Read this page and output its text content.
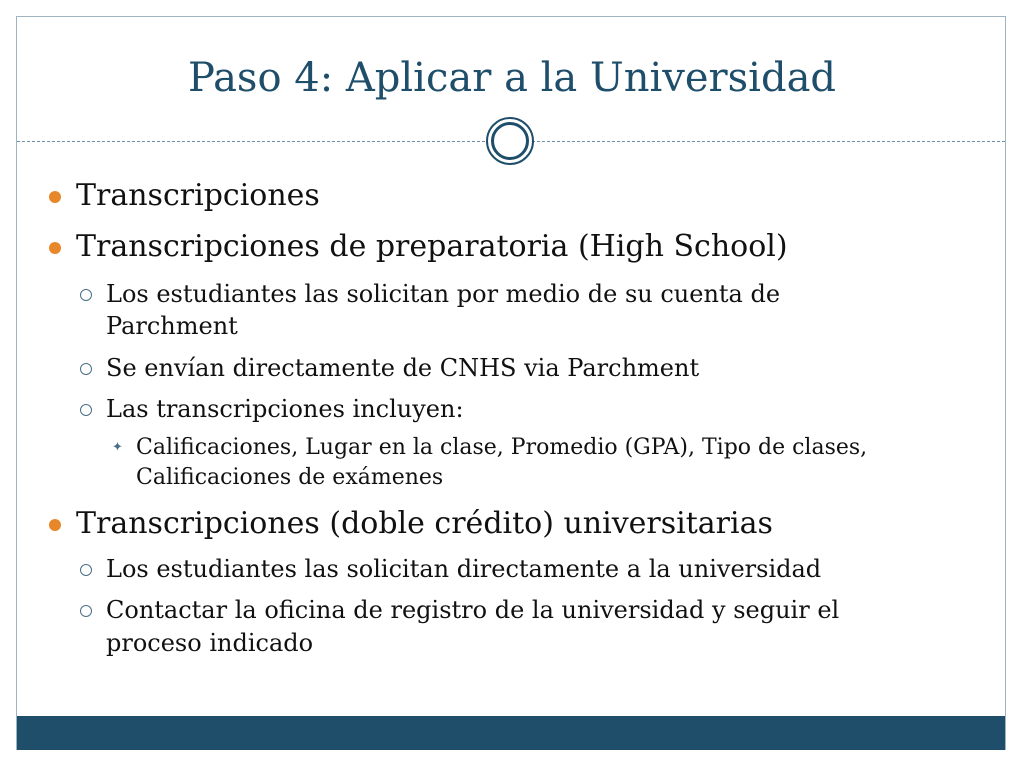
Paso 4: Aplicar a la Universidad
Transcripciones
Transcripciones de preparatoria (High School)
Los estudiantes las solicitan por medio de su cuenta de
Parchment
Se envían directamente de CNHS via Parchment
Las transcripciones incluyen:
✦ Calificaciones, Lugar en la clase, Promedio (GPA), Tipo de clases,
Calificaciones de exámenes
Transcripciones (doble crédito) universitarias
Los estudiantes las solicitan directamente a la universidad
Contactar la oficina de registro de la universidad y seguir el
proceso indicado
